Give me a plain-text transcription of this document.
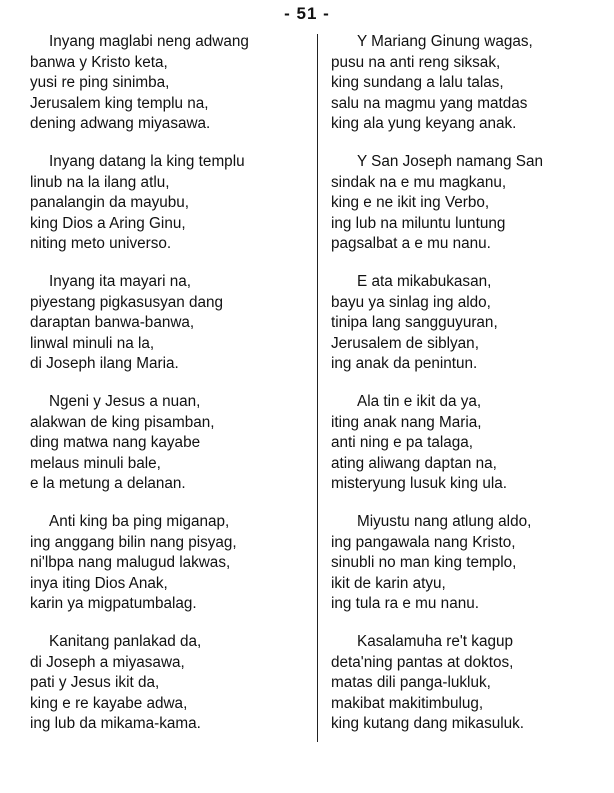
- 51 -
Inyang maglabi neng adwang
banwa y Kristo keta,
yusi re ping sinimba,
Jerusalem king templu na,
dening adwang miyasawa.
Inyang datang la king templu
linub na la ilang atlu,
panalangin da mayubu,
king Dios a Aring Ginu,
niting meto universo.
Inyang ita mayari na,
piyestang pigkasusyan dang
daraptan banwa-banwa,
linwal minuli na la,
di Joseph ilang Maria.
Ngeni y Jesus a nuan,
alakwan de king pisamban,
ding matwa nang kayabe
melaus minuli bale,
e la metung a delanan.
Anti king ba ping miganap,
ing anggang bilin nang pisyag,
ni'lbpa nang malugud lakwas,
inya iting Dios Anak,
karin ya migpatumbalag.
Kanitang panlakad da,
di Joseph a miyasawa,
pati y Jesus ikit da,
king e re kayabe adwa,
ing lub da mikama-kama.
Y Mariang Ginung wagas,
pusu na anti reng siksak,
king sundang a lalu talas,
salu na magmu yang matdas
king ala yung keyang anak.
Y San Joseph namang San
sindak na e mu magkanu,
king e ne ikit ing Verbo,
ing lub na miluntu luntung
pagsalbat a e mu nanu.
E ata mikabukasan,
bayu ya sinlag ing aldo,
tinipa lang sangguyuran,
Jerusalem de siblyan,
ing anak da penintun.
Ala tin e ikit da ya,
iting anak nang Maria,
anti ning e pa talaga,
ating aliwang daptan na,
misteryung lusuk king ula.
Miyustu nang atlung aldo,
ing pangawala nang Kristo,
sinubli no man king templo,
ikit de karin atyu,
ing tula ra e mu nanu.
Kasalamuha re't kagup
deta'ning pantas at doktos,
matas dili panga-lukluk,
makibat makitimbulug,
king kutang dang mikasuluk.
